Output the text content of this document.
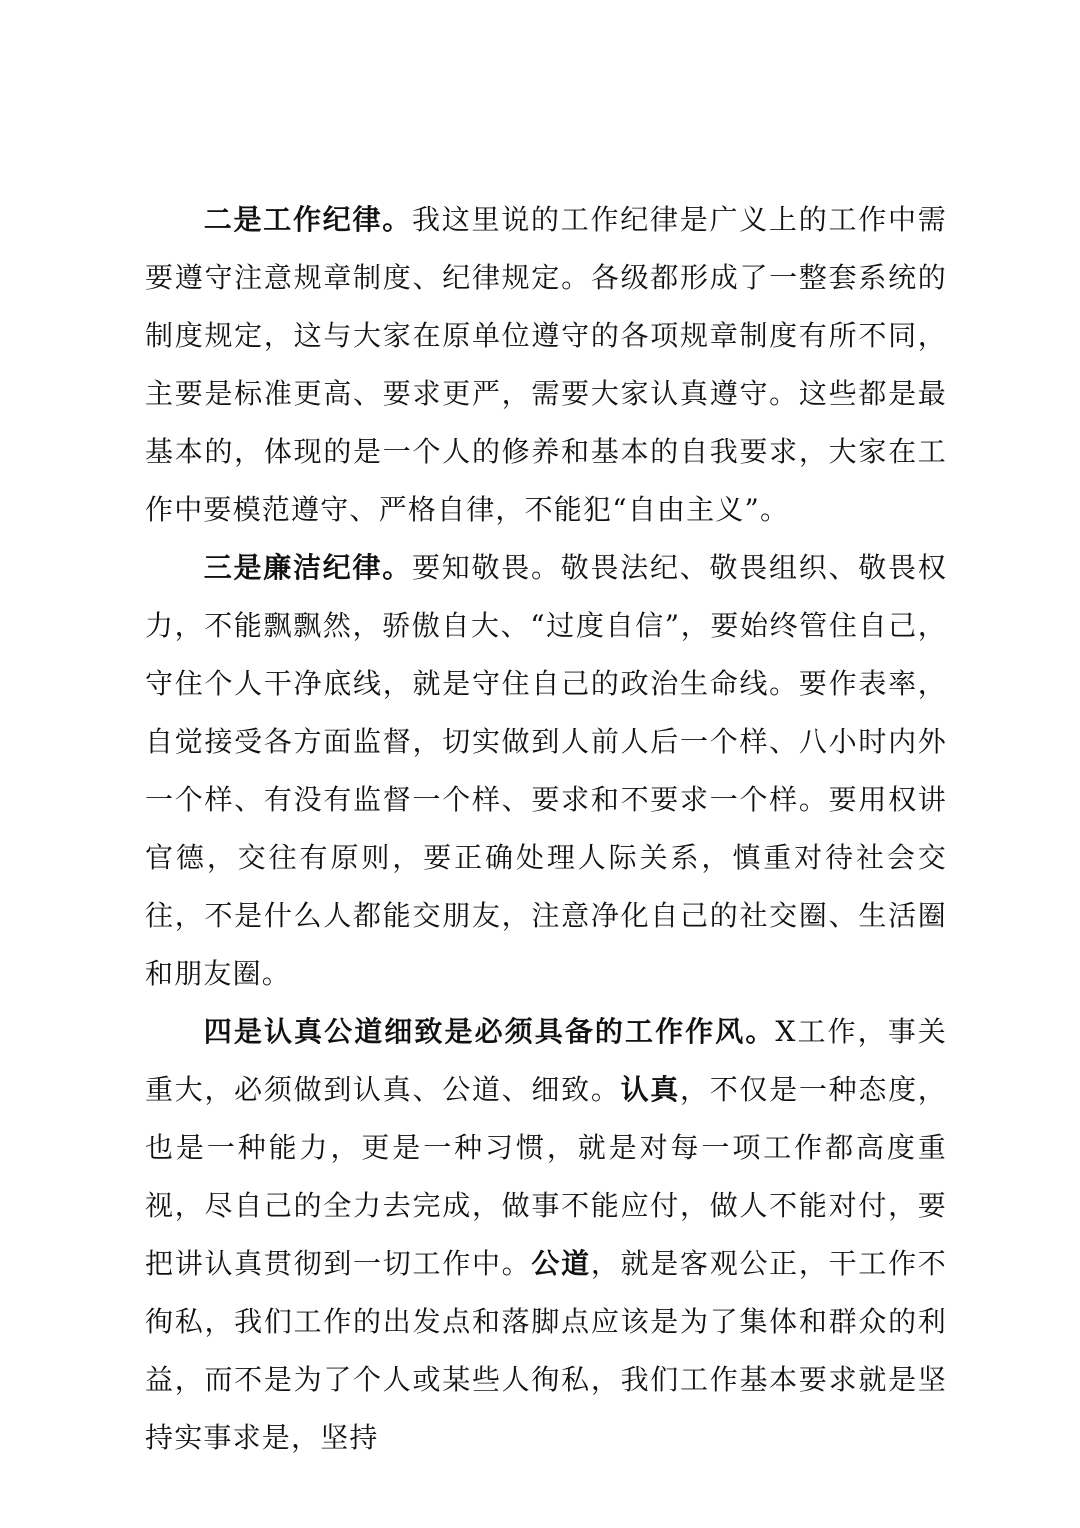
二是工作纪律。我这里说的工作纪律是广义上的工作中需要遵守注意规章制度、纪律规定。各级都形成了一整套系统的制度规定，这与大家在原单位遵守的各项规章制度有所不同，主要是标准更高、要求更严，需要大家认真遵守。这些都是最基本的，体现的是一个人的修养和基本的自我要求，大家在工作中要模范遵守、严格自律，不能犯“自由主义”。

三是廉洁纪律。要知敬畏。敬畏法纪、敬畏组织、敬畏权力，不能飘飘然，骄傲自大、“过度自信”，要始终管住自己，守住个人干净底线，就是守住自己的政治生命线。要作表率，自觉接受各方面监督，切实做到人前人后一个样、八小时内外一个样、有没有监督一个样、要求和不要求一个样。要用权讲官德，交往有原则，要正确处理人际关系，慎重对待社会交往，不是什么人都能交朋友，注意净化自己的社交圈、生活圈和朋友圈。

四是认真公道细致是必须具备的工作作风。X工作，事关重大，必须做到认真、公道、细致。认真，不仅是一种态度，也是一种能力，更是一种习惯，就是对每一项工作都高度重视，尽自己的全力去完成，做事不能应付，做人不能对付，要把讲认真贯彻到一切工作中。公道，就是客观公正，干工作不徇私，我们工作的出发点和落脚点应该是为了集体和群众的利益，而不是为了个人或某些人徇私，我们工作基本要求就是坚持实事求是，坚持
